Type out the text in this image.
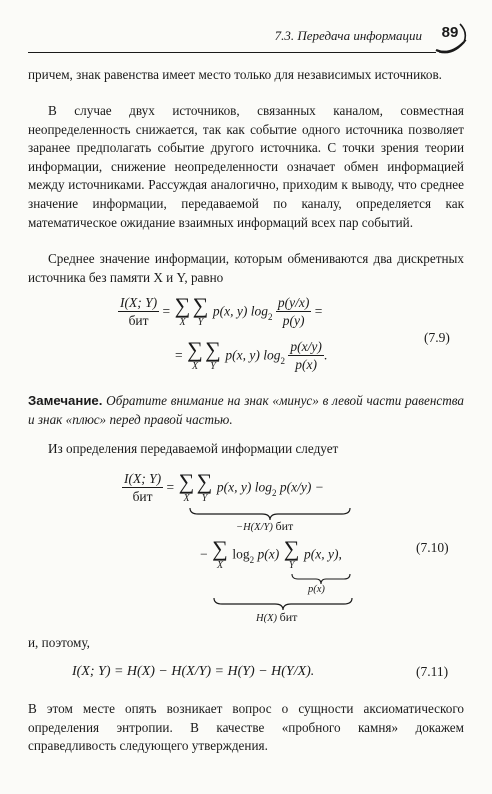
7.3. Передача информации	89
причем, знак равенства имеет место только для независимых источников.
В случае двух источников, связанных каналом, совместная неопределенность снижается, так как событие одного источника позволяет заранее предполагать событие другого источника. С точки зрения теории информации, снижение неопределенности означает обмен информацией между источниками. Рассуждая аналогично, приходим к выводу, что среднее значение информации, передаваемой по каналу, определяется как математическое ожидание взаимных информаций всех пар событий.
Среднее значение информации, которым обмениваются два дискретных источника без памяти X и Y, равно
$\frac{I(X; Y)}{\text{бит}}$ = ∑
X
∑
Y
p(x, y) $\log_2 \frac{p(y/x)}{p(y)}$ =
= ∑
X
∑
Y
p(x, y) $\log_2 \frac{p(x/y)}{p(x)}$ .
(7.9)
Замечание. Обратите внимание на знак «минус» в левой части равенства и знак «плюс» перед правой частью.
Из определения передаваемой информации следует
$\frac{I(X; Y)}{\text{бит}}$ = ∑
X
∑
Y
p(x, y) $\log_2 p(x/y)$ −
−H(X/Y) бит
− ∑
X
$\log_2 p(x)$ ∑
Y
p(x, y),	(7.10)
p(x)
H(X) бит
и, поэтому,
I(X; Y) = H(X) − H(X/Y) = H(Y) − H(Y/X).	(7.11)
В этом месте опять возникает вопрос о сущности аксиоматического определения энтропии. В качестве «пробного камня» докажем справедливость следующего утверждения.
